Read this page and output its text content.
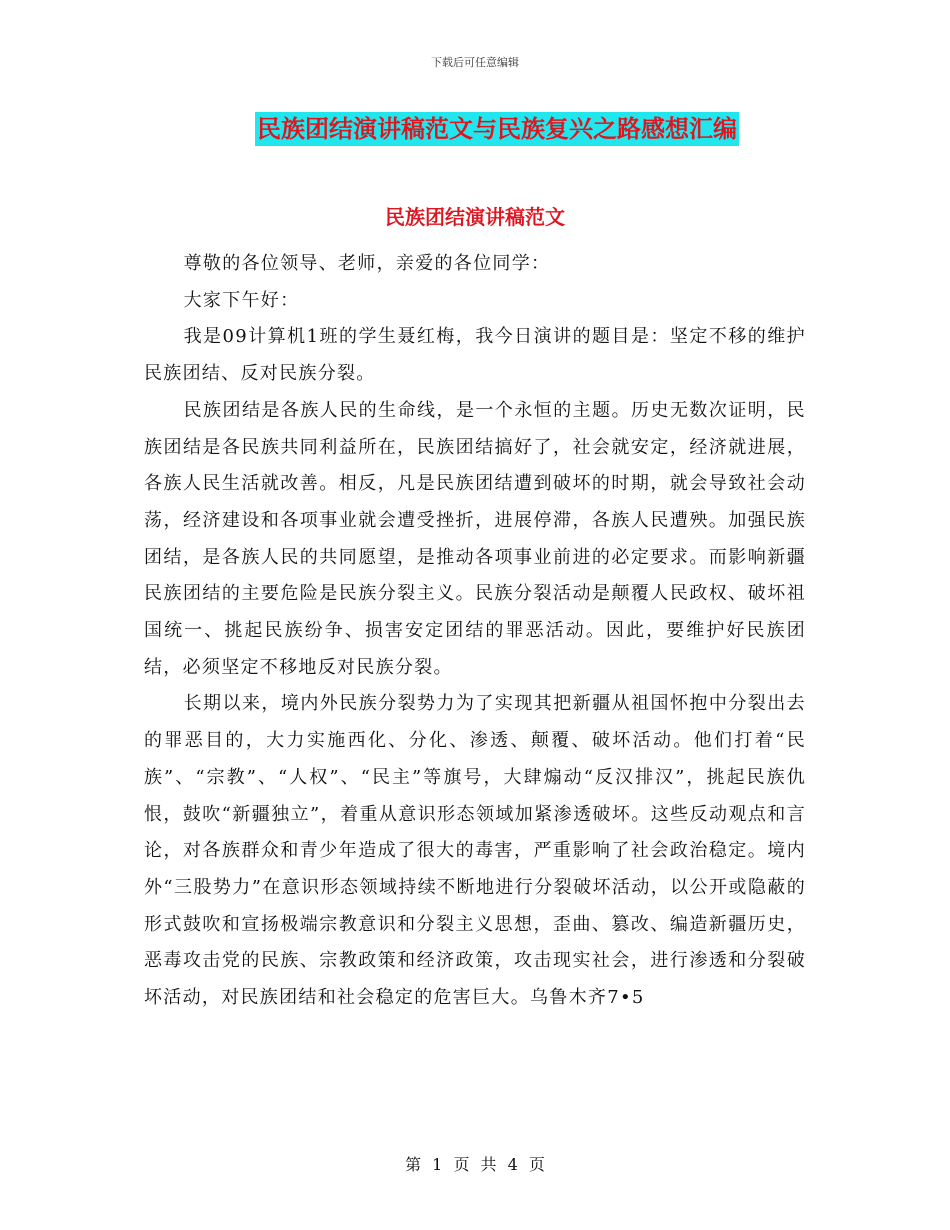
下载后可任意编辑
民族团结演讲稿范文与民族复兴之路感想汇编
民族团结演讲稿范文

尊敬的各位领导、老师，亲爱的各位同学：

大家下午好：

我是09计算机1班的学生聂红梅，我今日演讲的题目是：坚定不移的维护民族团结、反对民族分裂。

民族团结是各族人民的生命线，是一个永恒的主题。历史无数次证明，民族团结是各民族共同利益所在，民族团结搞好了，社会就安定，经济就进展，各族人民生活就改善。相反，凡是民族团结遭到破坏的时期，就会导致社会动荡，经济建设和各项事业就会遭受挫折，进展停滞，各族人民遭殃。加强民族团结，是各族人民的共同愿望，是推动各项事业前进的必定要求。而影响新疆民族团结的主要危险是民族分裂主义。民族分裂活动是颠覆人民政权、破坏祖国统一、挑起民族纷争、损害安定团结的罪恶活动。因此，要维护好民族团结，必须坚定不移地反对民族分裂。

长期以来，境内外民族分裂势力为了实现其把新疆从祖国怀抱中分裂出去的罪恶目的，大力实施西化、分化、渗透、颠覆、破坏活动。他们打着“民族”、“宗教”、“人权”、“民主”等旗号，大肆煽动“反汉排汉”，挑起民族仇恨，鼓吹“新疆独立”，着重从意识形态领域加紧渗透破坏。这些反动观点和言论，对各族群众和青少年造成了很大的毒害，严重影响了社会政治稳定。境内外“三股势力”在意识形态领域持续不断地进行分裂破坏活动，以公开或隐蔽的形式鼓吹和宣扬极端宗教意识和分裂主义思想，歪曲、篡改、编造新疆历史，恶毒攻击党的民族、宗教政策和经济政策，攻击现实社会，进行渗透和分裂破坏活动，对民族团结和社会稳定的危害巨大。乌鲁木齐7•5

第 1 页 共 4 页
